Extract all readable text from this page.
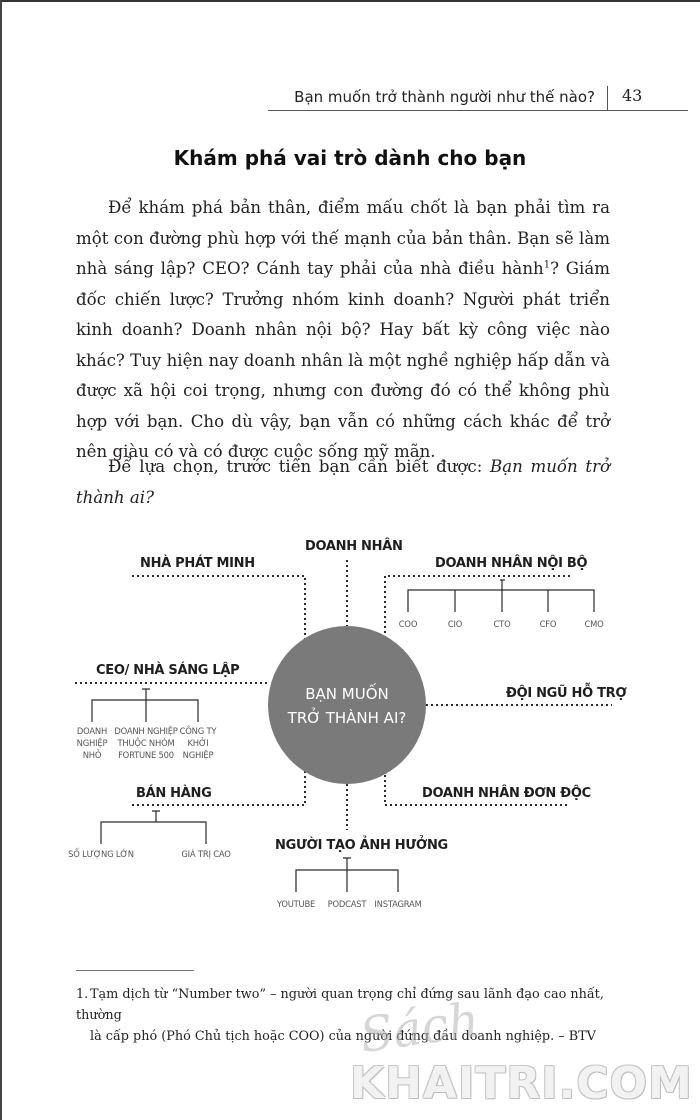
Bạn muốn trở thành người như thế nào? 43
Khám phá vai trò dành cho bạn

Để khám phá bản thân, điểm mấu chốt là bạn phải tìm ra một con đường phù hợp với thế mạnh của bản thân. Bạn sẽ làm nhà sáng lập? CEO? Cánh tay phải của nhà điều hành$^1$? Giám đốc chiến lược? Trưởng nhóm kinh doanh? Người phát triển kinh doanh? Doanh nhân nội bộ? Hay bất kỳ công việc nào khác? Tuy hiện nay doanh nhân là một nghề nghiệp hấp dẫn và được xã hội coi trọng, nhưng con đường đó có thể không phù hợp với bạn. Cho dù vậy, bạn vẫn có những cách khác để trở nên giàu có và có được cuộc sống mỹ mãn.

Để lựa chọn, trước tiên bạn cần biết được: Bạn muốn trở thành ai?

BẠN MUỐN
TRỞ THÀNH AI?
NHÀ PHÁT MINH
DOANH NHÂN
DOANH NHÂN NỘI BỘ
COO	CIO	CTO	CFO	CMO
CEO/ NHÀ SÁNG LẬP
DOANH
NGHIỆP
NHỎ
DOANH NGHIỆP
THUỘC NHÓM
FORTUNE 500
CÔNG TY
KHỞI
NGHIỆP
ĐỘI NGŨ HỖ TRỢ
BÁN HÀNG
SỐ LƯỢNG LỚN	GIÁ TRỊ CAO
DOANH NHÂN ĐƠN ĐỘC
NGƯỜI TẠO ẢNH HƯỞNG
YOUTUBE	PODCAST INSTAGRAM
1. Tạm dịch từ “Number two” – người quan trọng chỉ đứng sau lãnh đạo cao nhất, thường
là cấp phó (Phó Chủ tịch hoặc COO) của người đứng đầu doanh nghiệp. – BTV
Sách
KHAITRI.COM
